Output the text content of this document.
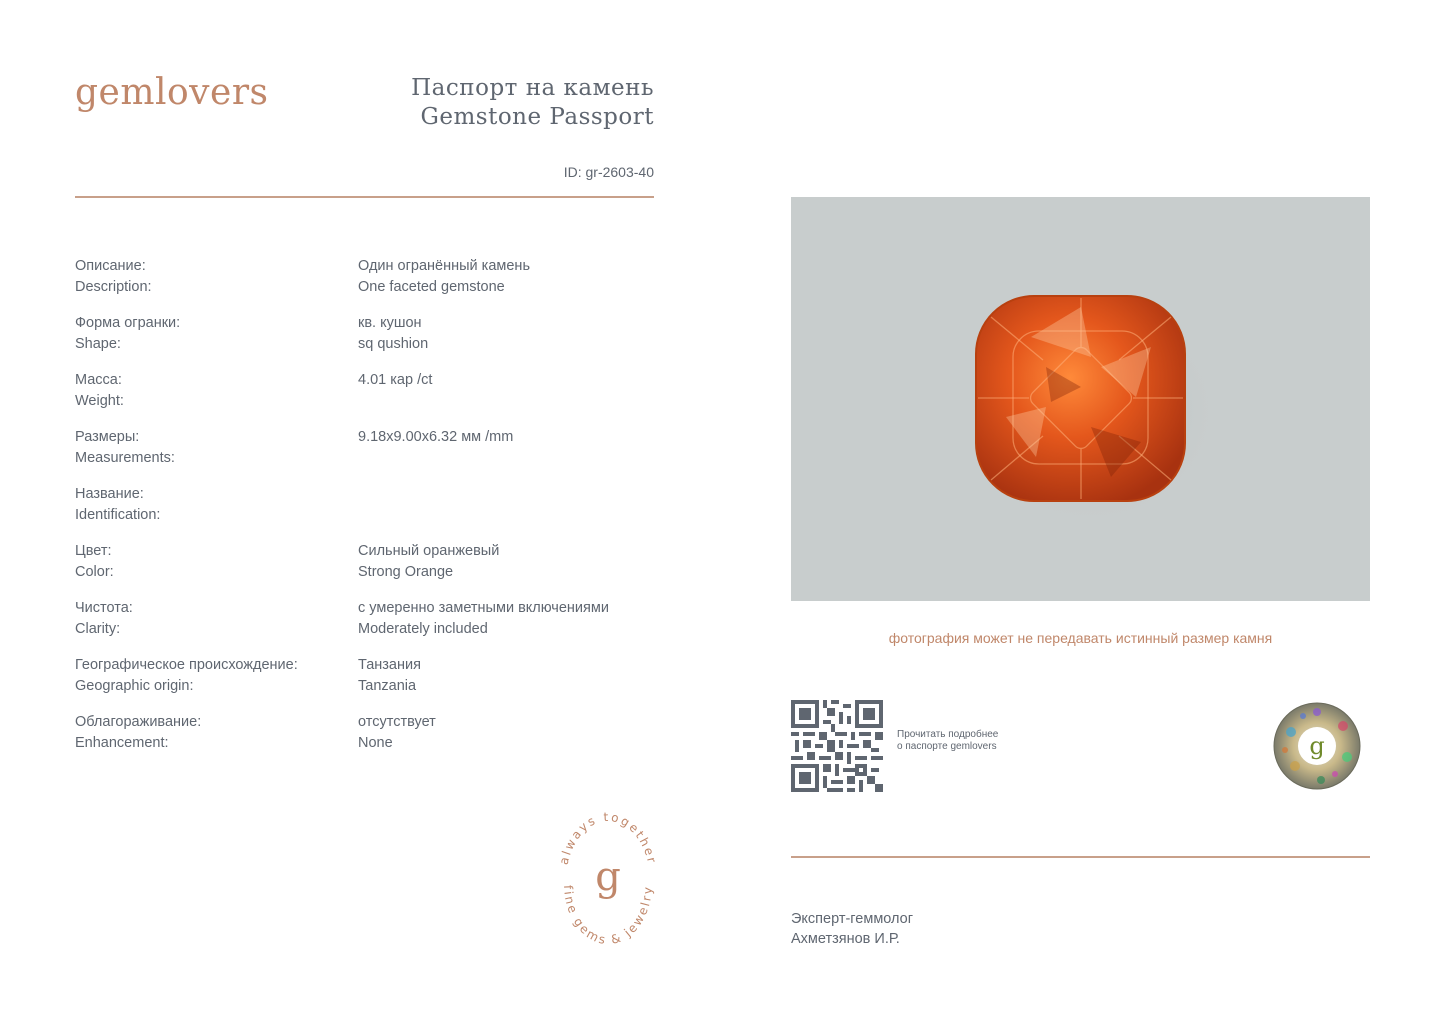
gemlovers	Паспорт на камень
Gemstone Passport
ID: gr-2603-40
Описание:
Description:
Один огранённый камень
One faceted gemstone
Форма огранки:
Shape:
кв. кушон
sq qushion
Масса:
Weight:
4.01 кар /ct
Размеры:
Measurements:
9.18x9.00x6.32 мм /mm
Название:
Identification:
Цвет:
Color:
Сильный оранжевый
Strong Orange
Чистота:
Clarity:
с умеренно заметными включениями
Moderately included
Географическое происхождение:
Geographic origin:
Танзания
Tanzania
Облагораживание:
Enhancement:
отсутствует
None
always together
fine gems & jewelry
g
фотография может не передавать истинный размер камня
Прочитать подробнее
о паспорте gemlovers	g
Эксперт-геммолог
Ахметзянов И.Р.
